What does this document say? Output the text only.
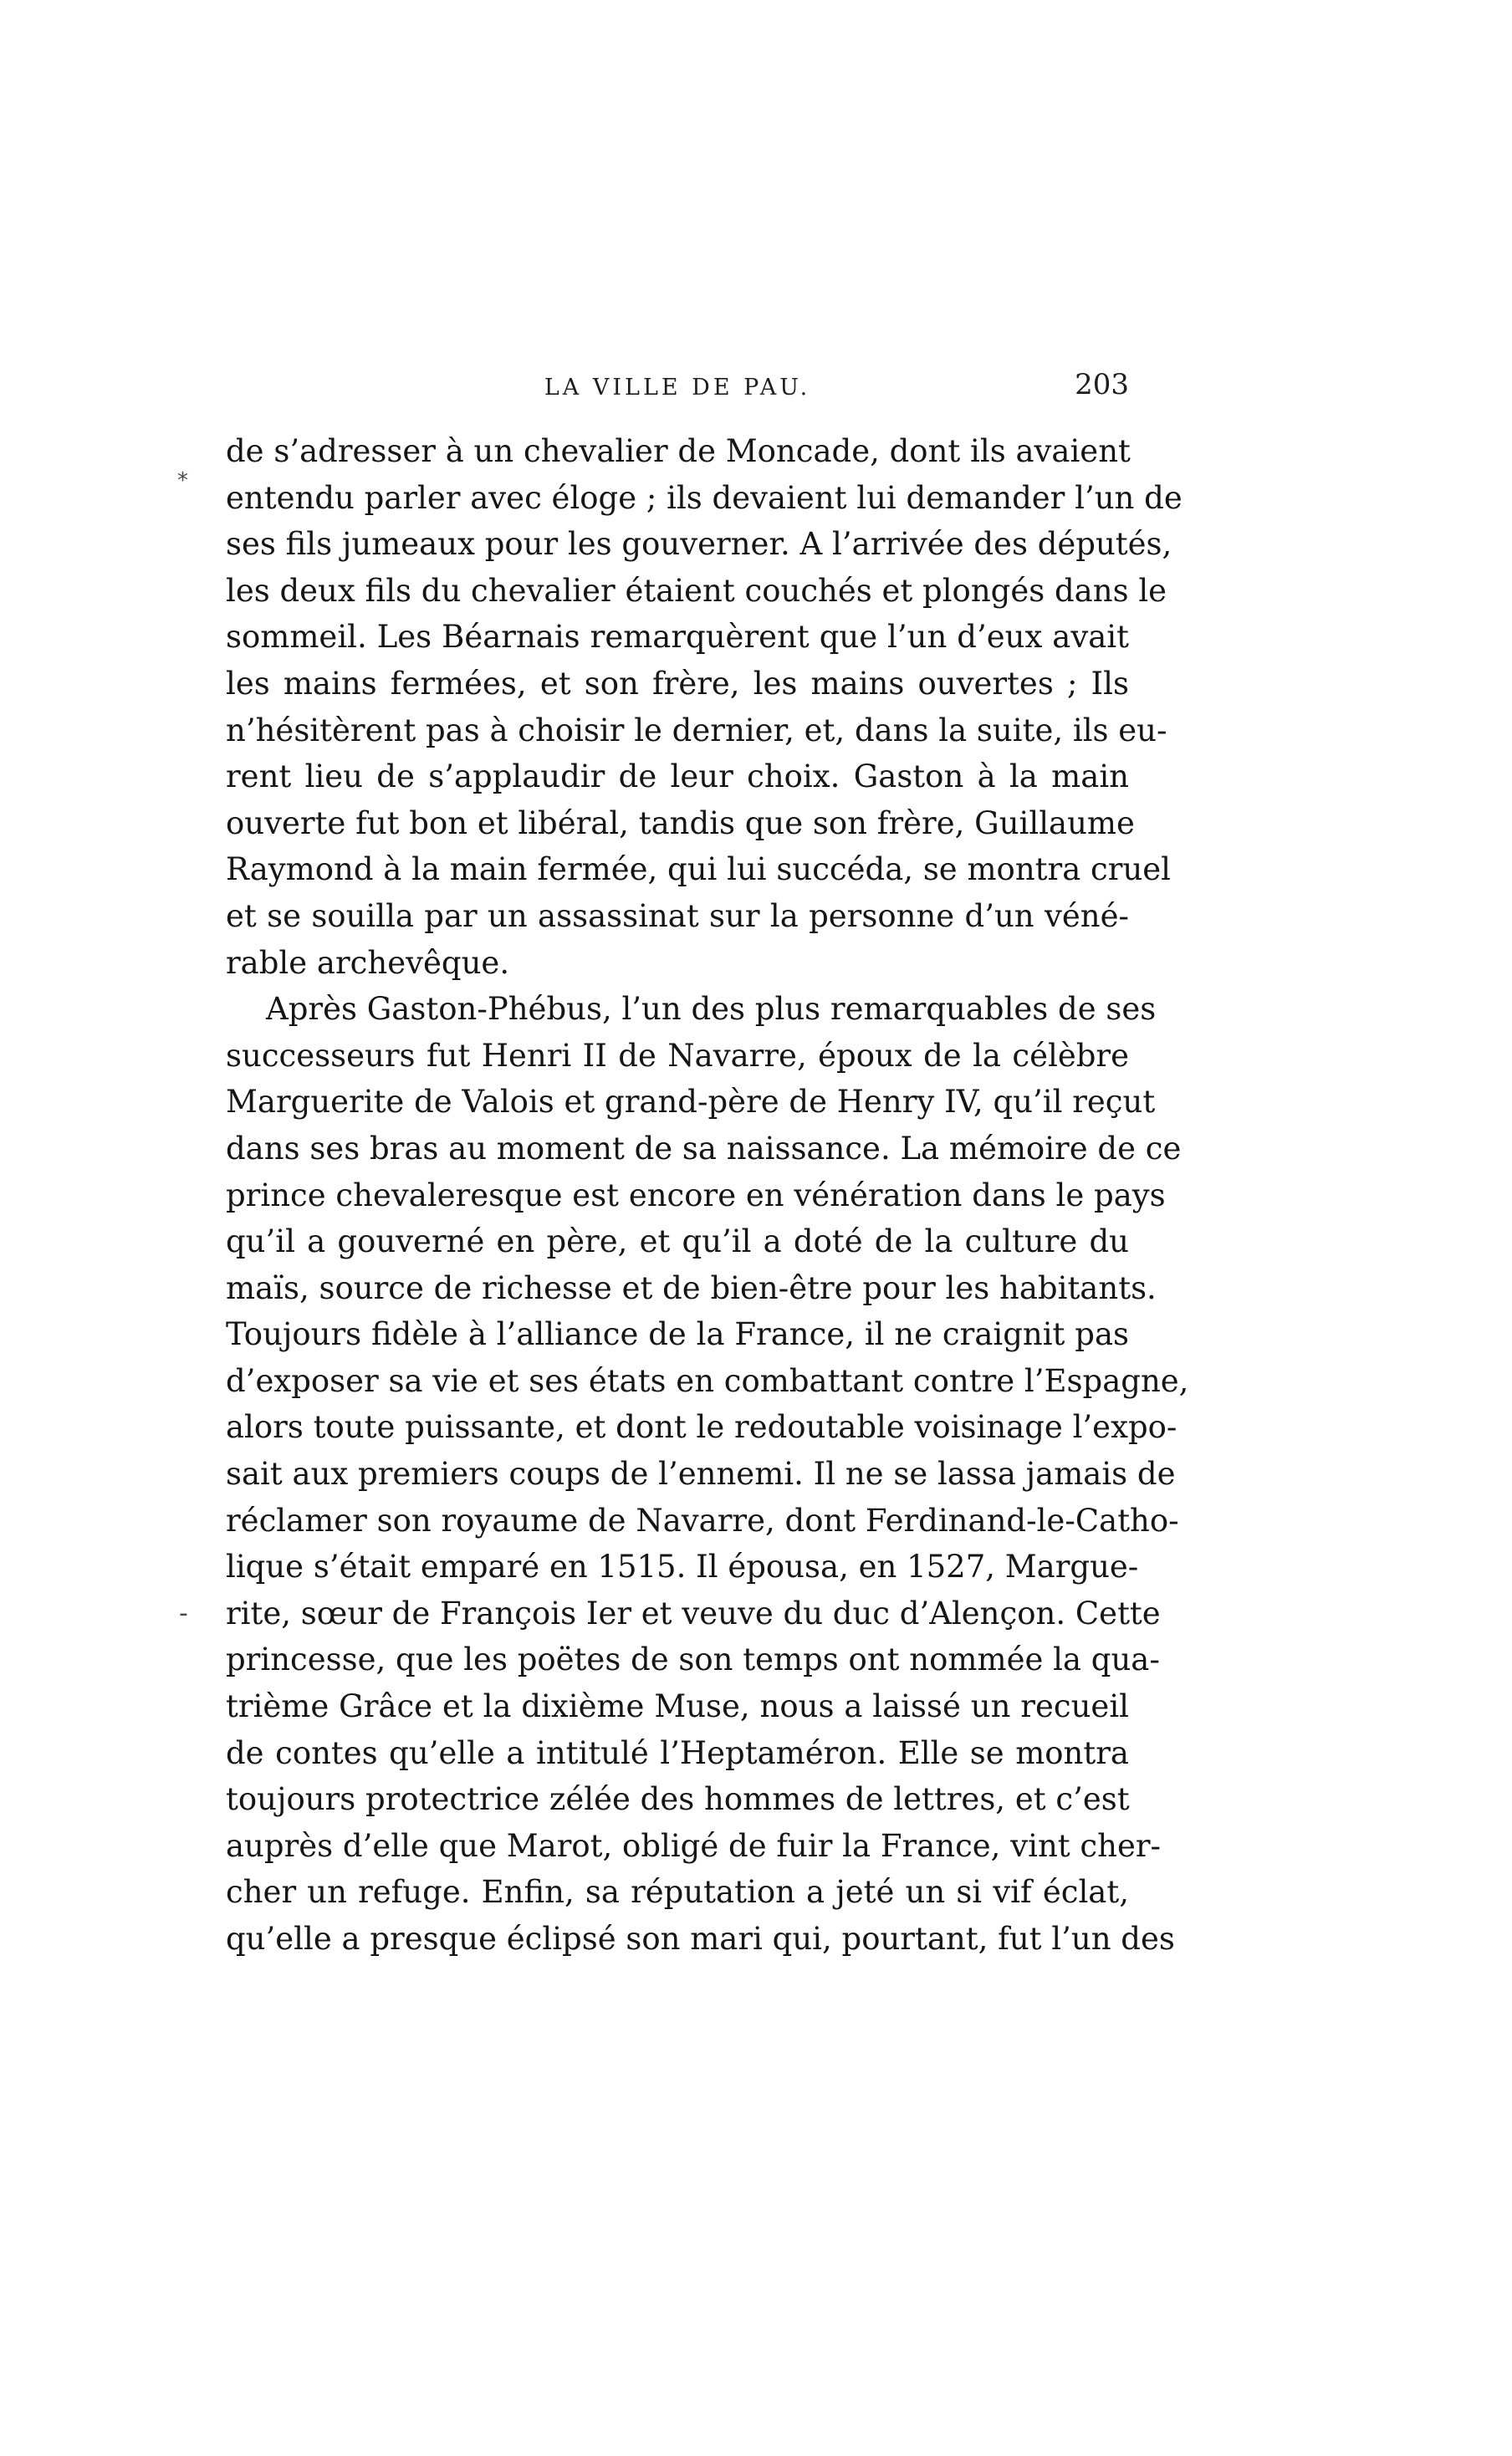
LA VILLE DE PAU.	203
*
-
de s’adresser à un chevalier de Moncade, dont ils avaient
entendu parler avec éloge ; ils devaient lui demander l’un de
ses fils jumeaux pour les gouverner. A l’arrivée des députés,
les deux fils du chevalier étaient couchés et plongés dans le
sommeil. Les Béarnais remarquèrent que l’un d’eux avait
les mains fermées, et son frère, les mains ouvertes ; Ils
n’hésitèrent pas à choisir le dernier, et, dans la suite, ils eu-
rent lieu de s’applaudir de leur choix. Gaston à la main
ouverte fut bon et libéral, tandis que son frère, Guillaume
Raymond à la main fermée, qui lui succéda, se montra cruel
et se souilla par un assassinat sur la personne d’un véné-
rable archevêque.
Après Gaston-Phébus, l’un des plus remarquables de ses
successeurs fut Henri II de Navarre, époux de la célèbre
Marguerite de Valois et grand-père de Henry IV, qu’il reçut
dans ses bras au moment de sa naissance. La mémoire de ce
prince chevaleresque est encore en vénération dans le pays
qu’il a gouverné en père, et qu’il a doté de la culture du
maïs, source de richesse et de bien-être pour les habitants.
Toujours fidèle à l’alliance de la France, il ne craignit pas
d’exposer sa vie et ses états en combattant contre l’Espagne,
alors toute puissante, et dont le redoutable voisinage l’expo-
sait aux premiers coups de l’ennemi. Il ne se lassa jamais de
réclamer son royaume de Navarre, dont Ferdinand-le-Catho-
lique s’était emparé en 1515. Il épousa, en 1527, Margue-
rite, sœur de François Ier et veuve du duc d’Alençon. Cette
princesse, que les poëtes de son temps ont nommée la qua-
trième Grâce et la dixième Muse, nous a laissé un recueil
de contes qu’elle a intitulé l’Heptaméron. Elle se montra
toujours protectrice zélée des hommes de lettres, et c’est
auprès d’elle que Marot, obligé de fuir la France, vint cher-
cher un refuge. Enfin, sa réputation a jeté un si vif éclat,
qu’elle a presque éclipsé son mari qui, pourtant, fut l’un des
